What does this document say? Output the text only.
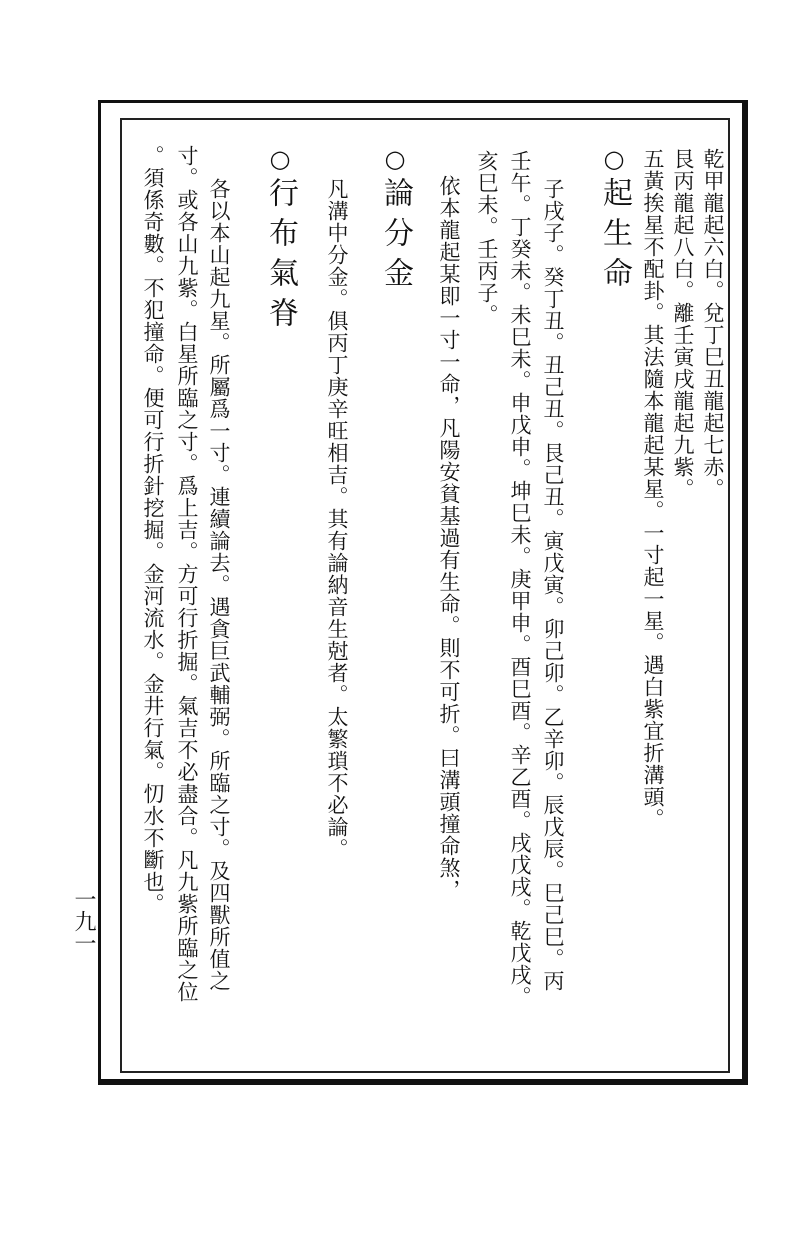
乾甲龍起六白。兌丁巳丑龍起七赤。
艮丙龍起八白。離壬寅戌龍起九紫。
五黃挨星不配卦。其法隨本龍起某星。一寸起一星。遇白紫宜折溝頭。
○起生命
子戌子。癸丁丑。丑己丑。艮己丑。寅戊寅。卯己卯。乙辛卯。辰戊辰。巳己巳。丙
壬午。丁癸未。未巳未。申戊申。坤巳未。庚甲申。酉巳酉。辛乙酉。戌戊戌。乾戊戌。
亥巳未。壬丙子。
依本龍起某即一寸一命，凡陽安貧基過有生命。則不可折。曰溝頭撞命煞，
○論分金
凡溝中分金。俱丙丁庚辛旺相吉。其有論納音生尅者。太繁瑣不必論。
○行布氣脊
各以本山起九星。所屬爲一寸。連續論去。遇貪巨武輔弼。所臨之寸。及四獸所值之
寸。或各山九紫。白星所臨之寸。爲上吉。方可行折掘。氣吉不必盡合。凡九紫所臨之位
。須係奇數。不犯撞命。便可行折針挖掘。金河流水。金井行氣。忉水不斷也。
一九一
